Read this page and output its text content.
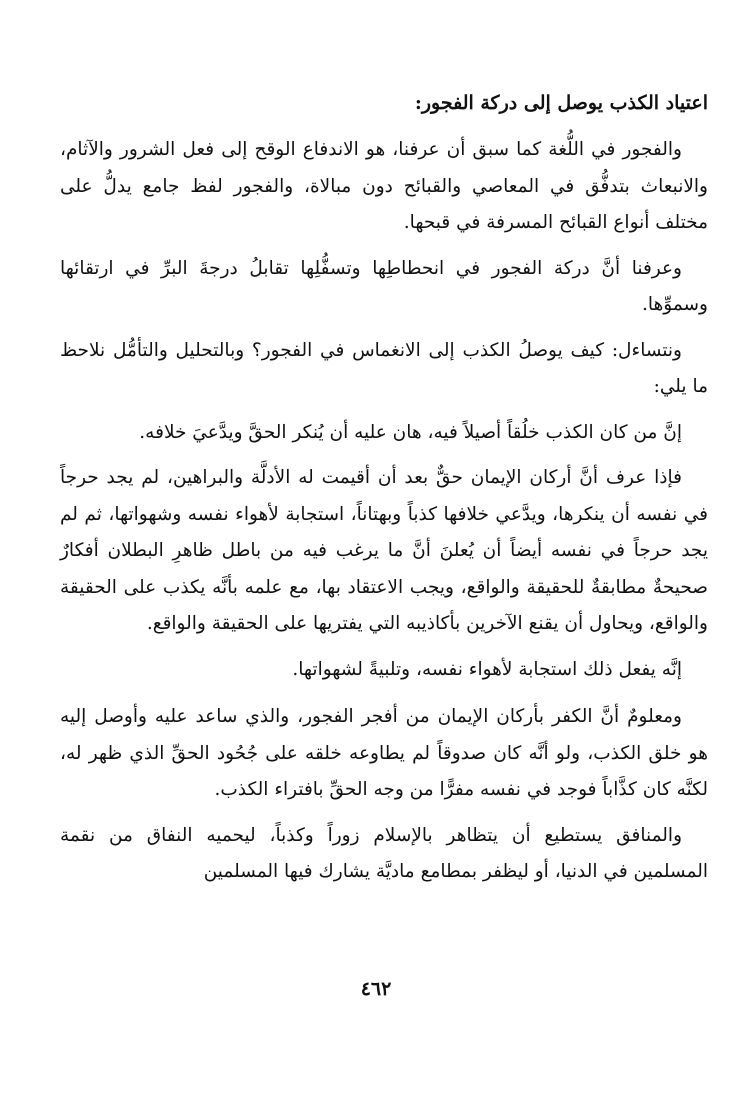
اعتياد الكذب يوصل إلى دركة الفجور:

والفجور في اللُّغة كما سبق أن عرفنا، هو الاندفاع الوقح إلى فعل الشرور والآثام، والانبعاث بتدفُّق في المعاصي والقبائح دون مبالاة، والفجور لفظ جامع يدلُّ على مختلف أنواع القبائح المسرفة في قبحها.

وعرفنا أنَّ دركة الفجور في انحطاطِها وتسفُّلِها تقابلُ درجةَ البرِّ في ارتقائها وسموِّها.

ونتساءل: كيف يوصلُ الكذب إلى الانغماس في الفجور؟ وبالتحليل والتأمُّل نلاحظ ما يلي:

إنَّ من كان الكذب خلُقاً أصيلاً فيه، هان عليه أن يُنكر الحقَّ ويدَّعيَ خلافه.

فإذا عرف أنَّ أركان الإيمان حقٌّ بعد أن أقيمت له الأدلَّة والبراهين، لم يجد حرجاً في نفسه أن ينكرها، ويدَّعي خلافها كذباً وبهتاناً، استجابة لأهواء نفسه وشهواتها، ثم لم يجد حرجاً في نفسه أيضاً أن يُعلنَ أنَّ ما يرغب فيه من باطل ظاهرِ البطلان أفكارٌ صحيحةٌ مطابقةٌ للحقيقة والواقع، ويجب الاعتقاد بها، مع علمه بأنَّه يكذب على الحقيقة والواقع، ويحاول أن يقنع الآخرين بأكاذيبه التي يفتريها على الحقيقة والواقع.

إنَّه يفعل ذلك استجابة لأهواء نفسه، وتلبيةً لشهواتها.

ومعلومٌ أنَّ الكفر بأركان الإيمان من أفجر الفجور، والذي ساعد عليه وأوصل إليه هو خلق الكذب، ولو أنَّه كان صدوقاً لم يطاوعه خلقه على جُحُود الحقِّ الذي ظهر له، لكنَّه كان كذَّاباً فوجد في نفسه مفرًّا من وجه الحقِّ بافتراء الكذب.

والمنافق يستطيع أن يتظاهر بالإسلام زوراً وكذباً، ليحميه النفاق من نقمة المسلمين في الدنيا، أو ليظفر بمطامع ماديَّة يشارك فيها المسلمين

٤٦٢
